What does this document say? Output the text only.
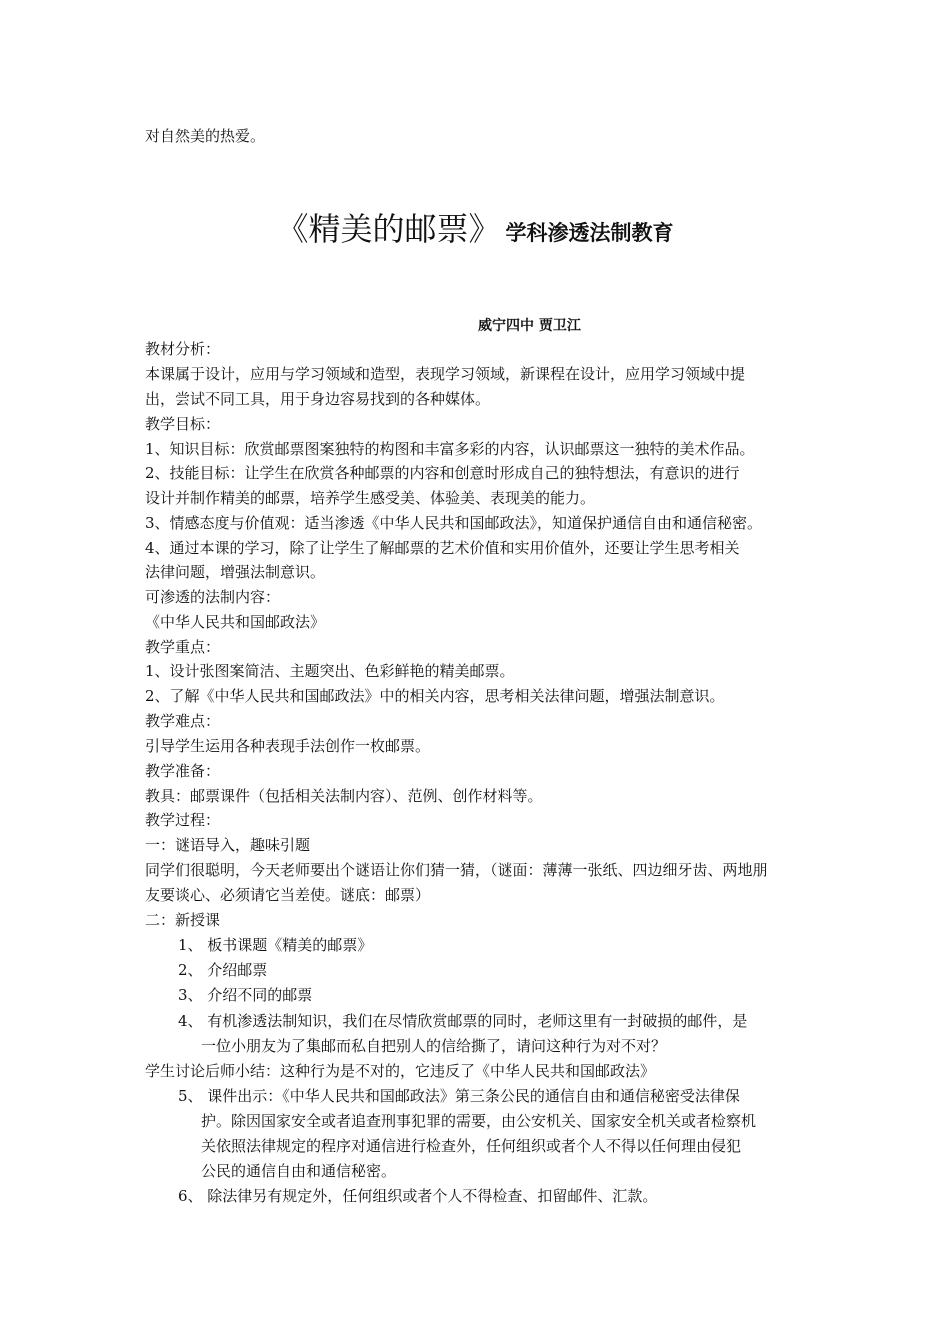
对自然美的热爱。
《精美的邮票》 学科渗透法制教育
威宁四中 贾卫江
教材分析：
本课属于设计，应用与学习领域和造型，表现学习领域，新课程在设计，应用学习领域中提
出，尝试不同工具，用于身边容易找到的各种媒体。
教学目标：
1、知识目标：欣赏邮票图案独特的构图和丰富多彩的内容，认识邮票这一独特的美术作品。
2、技能目标：让学生在欣赏各种邮票的内容和创意时形成自己的独特想法，有意识的进行
设计并制作精美的邮票，培养学生感受美、体验美、表现美的能力。
3、情感态度与价值观：适当渗透《中华人民共和国邮政法》，知道保护通信自由和通信秘密。
4、通过本课的学习，除了让学生了解邮票的艺术价值和实用价值外，还要让学生思考相关
法律问题，增强法制意识。
可渗透的法制内容：
《中华人民共和国邮政法》
教学重点：
1、设计张图案简洁、主题突出、色彩鲜艳的精美邮票。
2、了解《中华人民共和国邮政法》中的相关内容，思考相关法律问题，增强法制意识。
教学难点：
引导学生运用各种表现手法创作一枚邮票。
教学准备：
教具：邮票课件（包括相关法制内容）、范例、创作材料等。
教学过程：
一：谜语导入，趣味引题
同学们很聪明，今天老师要出个谜语让你们猜一猜，（谜面：薄薄一张纸、四边细牙齿、两地朋
友要谈心、必须请它当差使。谜底：邮票）
二：新授课
1、 板书课题《精美的邮票》
2、 介绍邮票
3、 介绍不同的邮票
4、 有机渗透法制知识，我们在尽情欣赏邮票的同时，老师这里有一封破损的邮件，是
一位小朋友为了集邮而私自把别人的信给撕了，请问这种行为对不对？
学生讨论后师小结：这种行为是不对的，它违反了《中华人民共和国邮政法》
5、 课件出示：《中华人民共和国邮政法》第三条公民的通信自由和通信秘密受法律保
护。除因国家安全或者追查刑事犯罪的需要，由公安机关、国家安全机关或者检察机
关依照法律规定的程序对通信进行检查外，任何组织或者个人不得以任何理由侵犯
公民的通信自由和通信秘密。
6、 除法律另有规定外，任何组织或者个人不得检查、扣留邮件、汇款。
